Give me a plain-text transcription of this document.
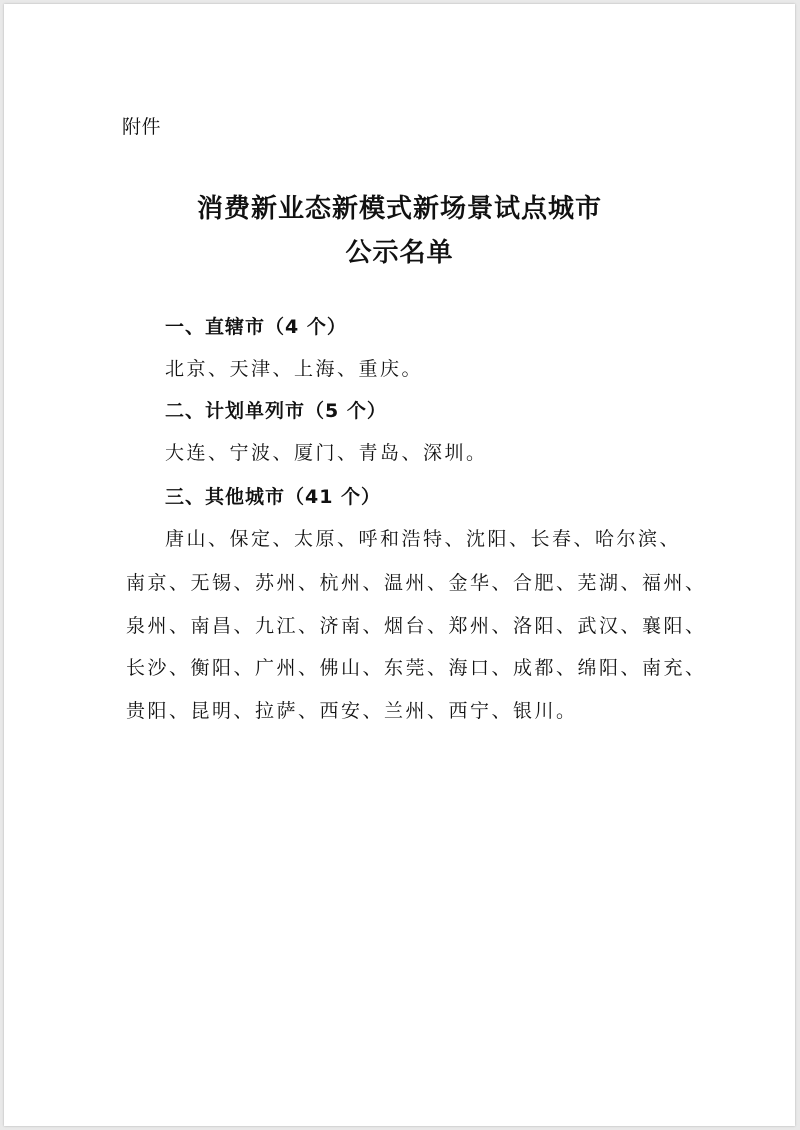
附件
消费新业态新模式新场景试点城市
公示名单
一、直辖市（4 个）
北京、天津、上海、重庆。
二、计划单列市（5 个）
大连、宁波、厦门、青岛、深圳。
三、其他城市（41 个）
唐山、保定、太原、呼和浩特、沈阳、长春、哈尔滨、
南京、无锡、苏州、杭州、温州、金华、合肥、芜湖、福州、
泉州、南昌、九江、济南、烟台、郑州、洛阳、武汉、襄阳、
长沙、衡阳、广州、佛山、东莞、海口、成都、绵阳、南充、
贵阳、昆明、拉萨、西安、兰州、西宁、银川。
